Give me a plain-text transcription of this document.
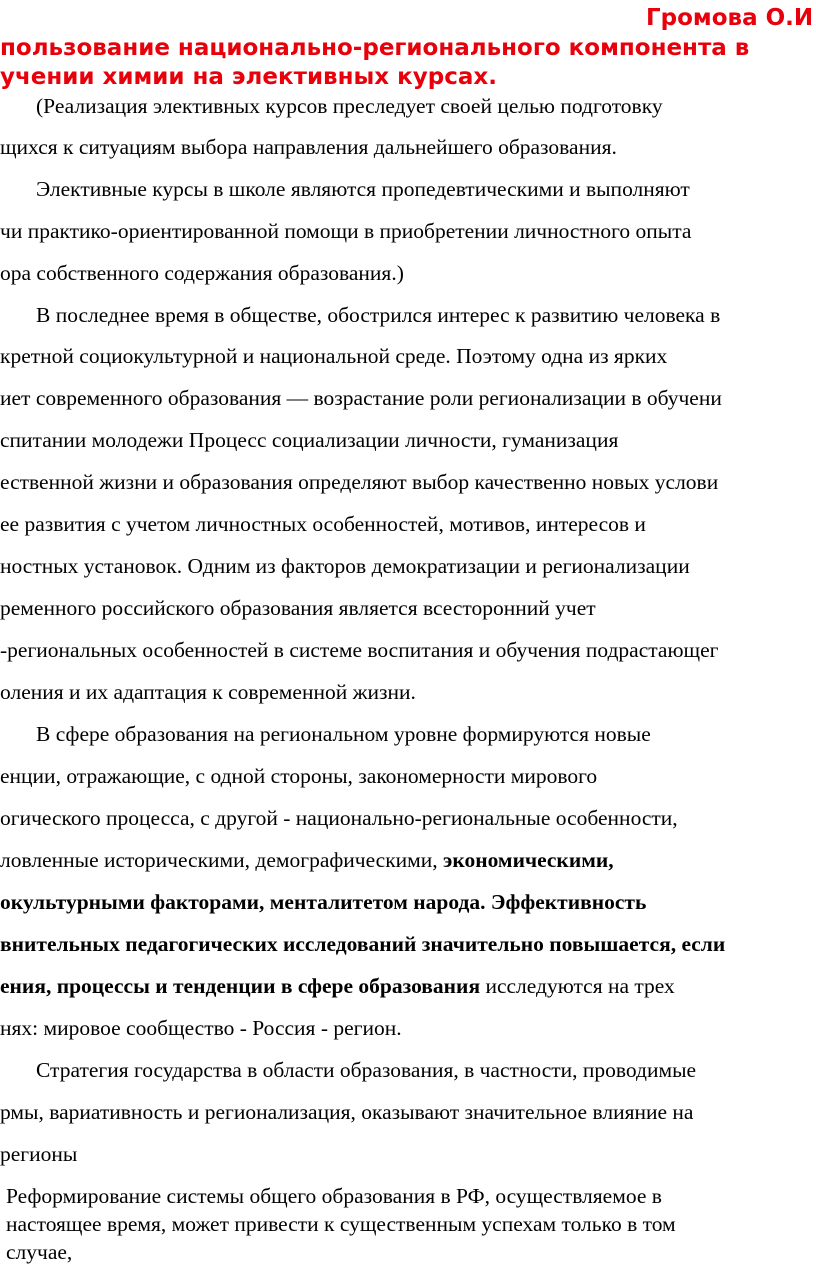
Громова О.И
пользование национально-регионального компонента в
учении химии на элективных курсах.
(Реализация элективных курсов преследует своей целью подготовку
щихся к ситуациям выбора направления дальнейшего образования.
Элективные курсы в школе являются пропедевтическими и выполняют
чи практико-ориентированной помощи в приобретении личностного опыта
ора собственного содержания образования.)
В последнее время в обществе, обострился интерес к развитию человека в
кретной социокультурной и национальной среде. Поэтому одна из ярких
иет современного образования — возрастание роли регионализации в обучени
спитании молодежи Процесс социализации личности, гуманизация
ественной жизни и образования определяют выбор качественно новых услови
ее развития с учетом личностных особенностей, мотивов, интересов и
ностных установок. Одним из факторов демократизации и регионализации
ременного российского образования является всесторонний учет
-региональных особенностей в системе воспитания и обучения подрастающег
оления и их адаптация к современной жизни.
В сфере образования на региональном уровне формируются новые
енции, отражающие, с одной стороны, закономерности мирового
огического процесса, с другой - национально-региональные особенности,
ловленные историческими, демографическими, экономическими,
окультурными факторами, менталитетом народа. Эффективность
внительных педагогических исследований значительно повышается, если
ения, процессы и тенденции в сфере образования исследуются на трех
нях: мировое сообщество - Россия - регион.
Стратегия государства в области образования, в частности, проводимые
рмы, вариативность и регионализация, оказывают значительное влияние на
регионы
Реформирование системы общего образования в РФ, осуществляемое в
настоящее время, может привести к существенным успехам только в том
случае,
